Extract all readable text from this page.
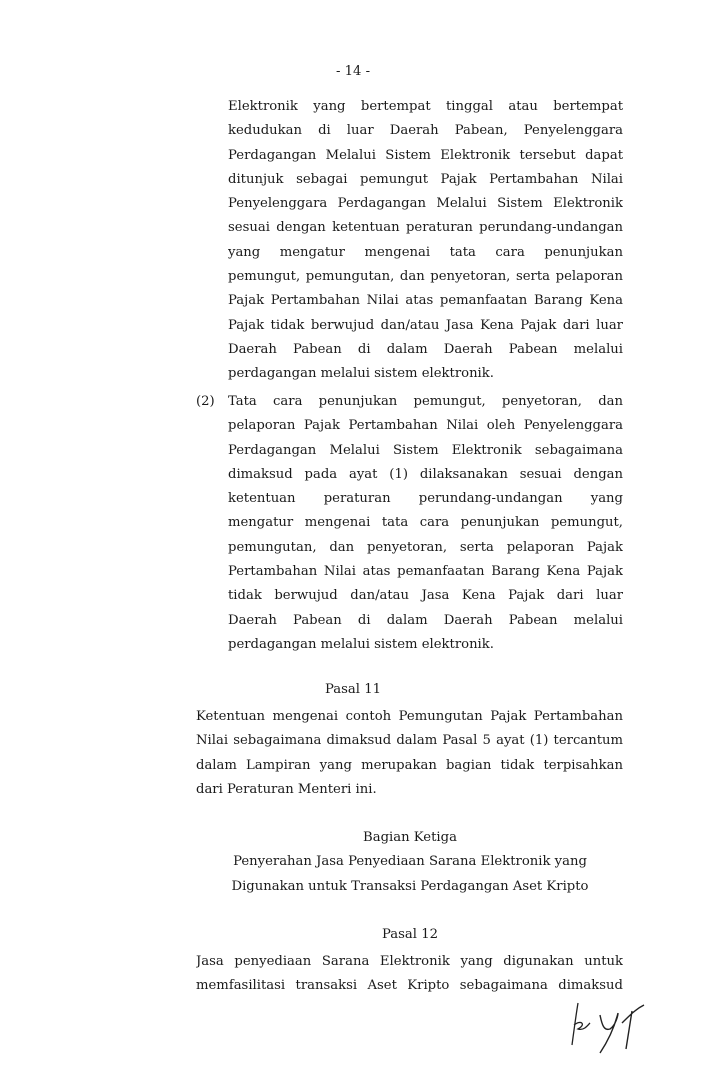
- 14 -
Elektronik yang bertempat tinggal atau bertempat
kedudukan di luar Daerah Pabean, Penyelenggara
Perdagangan Melalui Sistem Elektronik tersebut dapat
ditunjuk sebagai pemungut Pajak Pertambahan Nilai
Penyelenggara Perdagangan Melalui Sistem Elektronik
sesuai dengan ketentuan peraturan perundang-undangan
yang mengatur mengenai tata cara penunjukan
pemungut, pemungutan, dan penyetoran, serta pelaporan
Pajak Pertambahan Nilai atas pemanfaatan Barang Kena
Pajak tidak berwujud dan/atau Jasa Kena Pajak dari luar
Daerah Pabean di dalam Daerah Pabean melalui
perdagangan melalui sistem elektronik.
(2) Tata cara penunjukan pemungut, penyetoran, dan
pelaporan Pajak Pertambahan Nilai oleh Penyelenggara
Perdagangan Melalui Sistem Elektronik sebagaimana
dimaksud pada ayat (1) dilaksanakan sesuai dengan
ketentuan peraturan perundang-undangan yang
mengatur mengenai tata cara penunjukan pemungut,
pemungutan, dan penyetoran, serta pelaporan Pajak
Pertambahan Nilai atas pemanfaatan Barang Kena Pajak
tidak berwujud dan/atau Jasa Kena Pajak dari luar
Daerah Pabean di dalam Daerah Pabean melalui
perdagangan melalui sistem elektronik.
Pasal 11
Ketentuan mengenai contoh Pemungutan Pajak Pertambahan
Nilai sebagaimana dimaksud dalam Pasal 5 ayat (1) tercantum
dalam Lampiran yang merupakan bagian tidak terpisahkan
dari Peraturan Menteri ini.
Bagian Ketiga
Penyerahan Jasa Penyediaan Sarana Elektronik yang
Digunakan untuk Transaksi Perdagangan Aset Kripto
Pasal 12
Jasa penyediaan Sarana Elektronik yang digunakan untuk
memfasilitasi transaksi Aset Kripto sebagaimana dimaksud
